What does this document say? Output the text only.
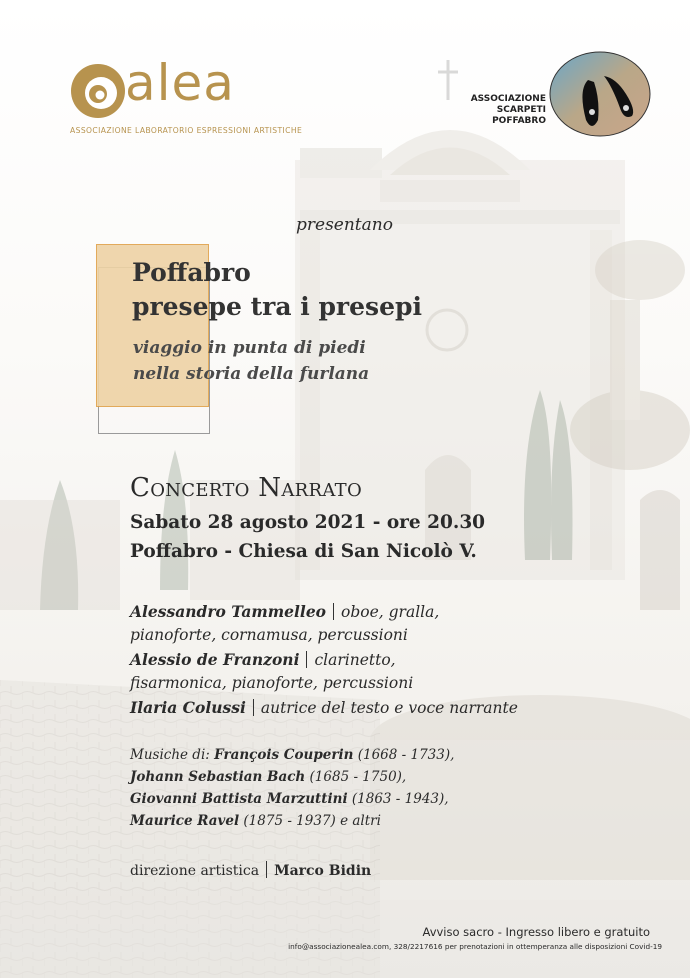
alea
ASSOCIAZIONE LABORATORIO ESPRESSIONI ARTISTICHE
ASSOCIAZIONE
SCARPETI
POFFABRO
presentano
Poffabro
presepe tra i presepi
viaggio in punta di piedi
nella storia della furlana
Concerto Narrato
Sabato 28 agosto 2021 - ore 20.30
Poffabro - Chiesa di San Nicolò V.
Alessandro Tammelleo oboe, gralla,
pianoforte, cornamusa, percussioni
Alessio de Franzoni clarinetto,
fisarmonica, pianoforte, percussioni
Ilaria Colussi autrice del testo e voce narrante
Musiche di: François Couperin (1668 - 1733),
Johann Sebastian Bach (1685 - 1750),
Giovanni Battista Marzuttini (1863 - 1943),
Maurice Ravel (1875 - 1937) e altri
direzione artistica Marco Bidin
Avviso sacro - Ingresso libero e gratuito
info@associazionealea.com, 328/2217616 per prenotazioni in ottemperanza alle disposizioni Covid-19
